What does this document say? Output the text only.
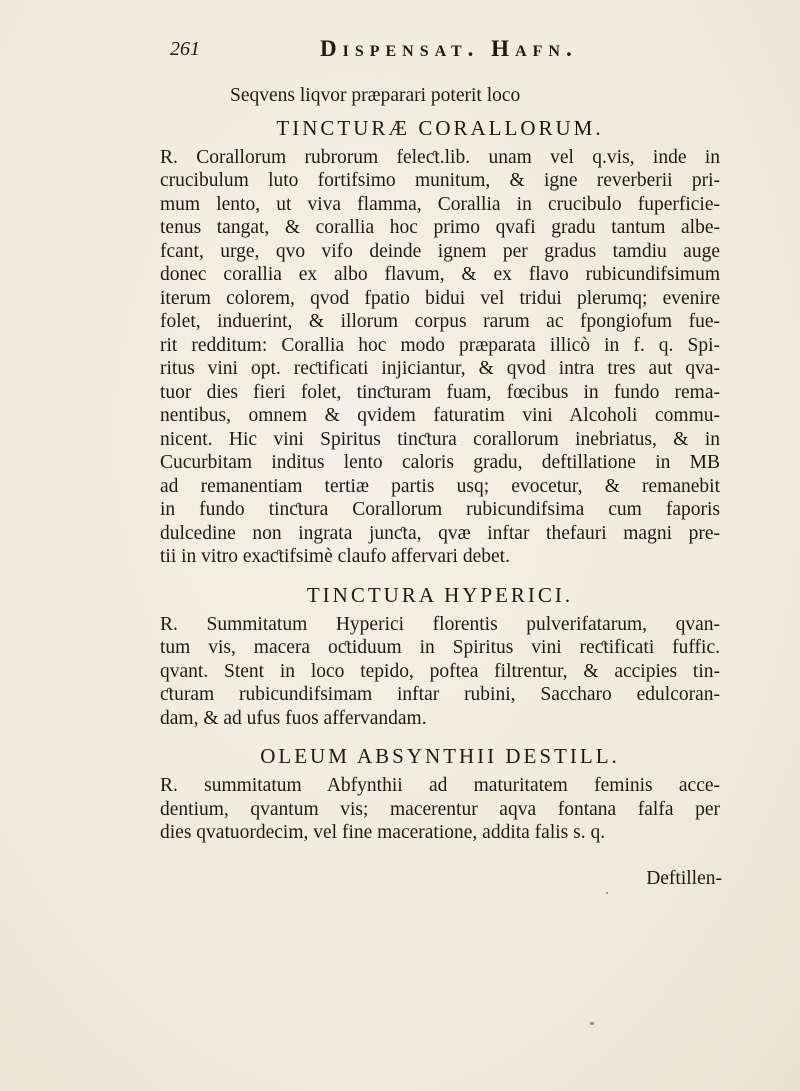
261	Dispensat. Hafn.
Seqvens liqvor præparari poterit loco
TINCTURÆ CORALLORUM.
R. Corallorum rubrorum feleƈt.lib. unam vel q.vis, inde in
crucibulum luto fortifsimo munitum, & igne reverberii pri-
mum lento, ut viva flamma, Corallia in crucibulo fuperficie-
tenus tangat, & corallia hoc primo qvafi gradu tantum albe-
fcant, urge, qvo vifo deinde ignem per gradus tamdiu auge
donec corallia ex albo flavum, & ex flavo rubicundifsimum
iterum colorem, qvod fpatio bidui vel tridui plerumq; evenire
folet, induerint, & illorum corpus rarum ac fpongiofum fue-
rit redditum: Corallia hoc modo præparata illicò in f. q. Spi-
ritus vini opt. reƈtificati injiciantur, & qvod intra tres aut qva-
tuor dies fieri folet, tinƈturam fuam, fœcibus in fundo rema-
nentibus, omnem & qvidem faturatim vini Alcoholi commu-
nicent. Hic vini Spiritus tinƈtura corallorum inebriatus, & in
Cucurbitam inditus lento caloris gradu, deftillatione in MB
ad remanentiam tertiæ partis usq; evocetur, & remanebit
in fundo tinƈtura Corallorum rubicundifsima cum faporis
dulcedine non ingrata junƈta, qvæ inftar thefauri magni pre-
tii in vitro exaƈtifsimè claufo affervari debet.
TINCTURA HYPERICI.
R. Summitatum Hyperici florentis pulverifatarum, qvan-
tum vis, macera oƈtiduum in Spiritus vini reƈtificati fuffic.
qvant. Stent in loco tepido, poftea filtrentur, & accipies tin-
ƈturam rubicundifsimam inftar rubini, Saccharo edulcoran-
dam, & ad ufus fuos affervandam.
OLEUM ABSYNTHII DESTILL.
R. summitatum Abfynthii ad maturitatem feminis acce-
dentium, qvantum vis; macerentur aqva fontana falfa per
dies qvatuordecim, vel fine maceratione, addita falis s. q.
Deftillen-
